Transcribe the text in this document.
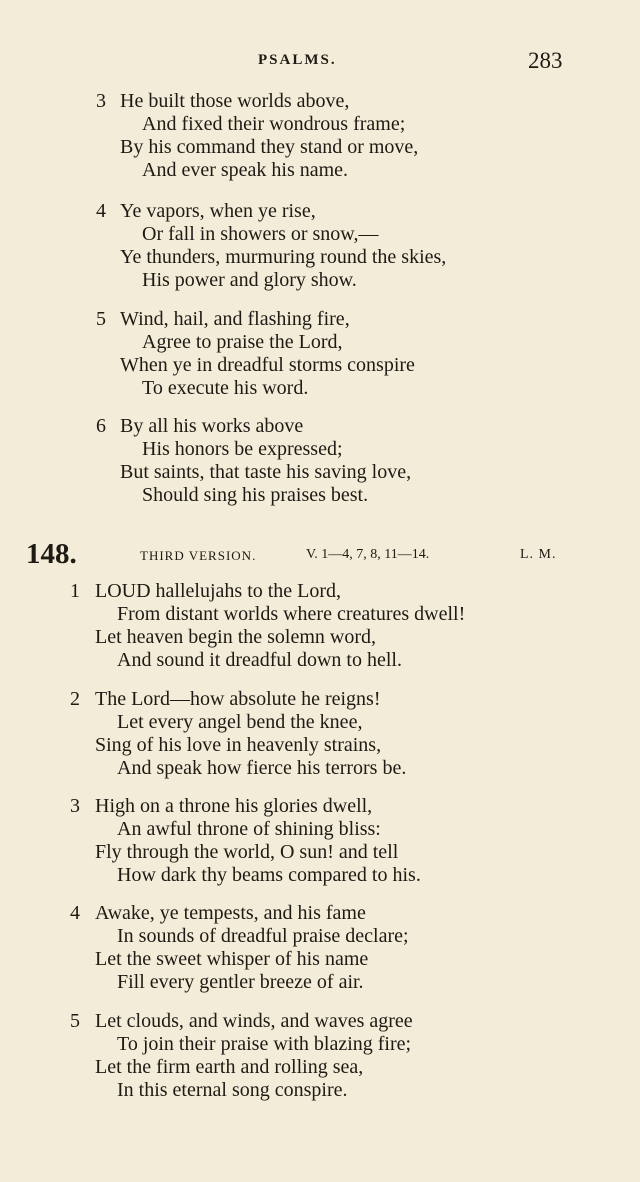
PSALMS.	283
3 He built those worlds above,
And fixed their wondrous frame;
By his command they stand or move,
And ever speak his name.
4 Ye vapors, when ye rise,
Or fall in showers or snow,—
Ye thunders, murmuring round the skies,
His power and glory show.
5 Wind, hail, and flashing fire,
Agree to praise the Lord,
When ye in dreadful storms conspire
To execute his word.
6 By all his works above
His honors be expressed;
But saints, that taste his saving love,
Should sing his praises best.
148.	THIRD VERSION.	V. 1—4, 7, 8, 11—14.	L. M.
1 LOUD hallelujahs to the Lord,
From distant worlds where creatures dwell!
Let heaven begin the solemn word,
And sound it dreadful down to hell.
2 The Lord—how absolute he reigns!
Let every angel bend the knee,
Sing of his love in heavenly strains,
And speak how fierce his terrors be.
3 High on a throne his glories dwell,
An awful throne of shining bliss:
Fly through the world, O sun! and tell
How dark thy beams compared to his.
4 Awake, ye tempests, and his fame
In sounds of dreadful praise declare;
Let the sweet whisper of his name
Fill every gentler breeze of air.
5 Let clouds, and winds, and waves agree
To join their praise with blazing fire;
Let the firm earth and rolling sea,
In this eternal song conspire.
